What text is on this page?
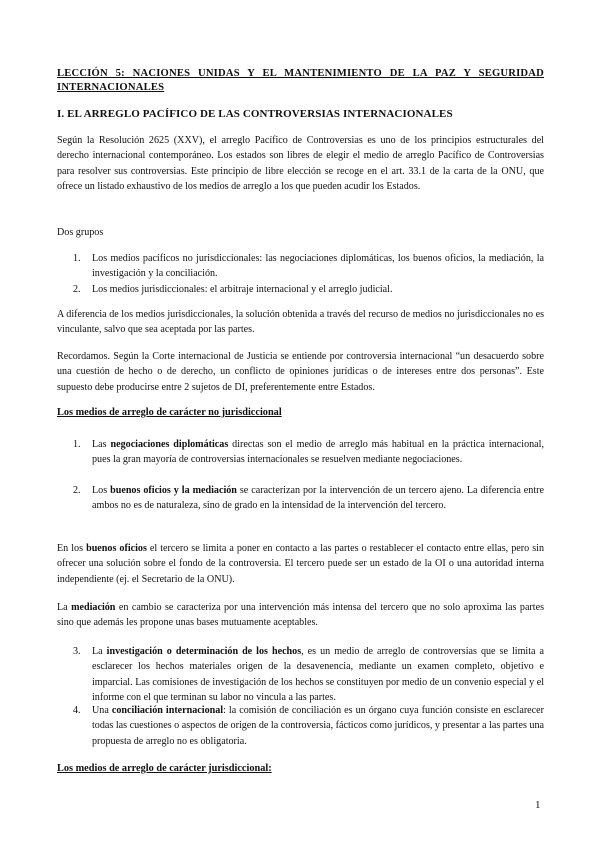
LECCIÓN 5: NACIONES UNIDAS Y EL MANTENIMIENTO DE LA PAZ Y SEGURIDAD INTERNACIONALES
I. EL ARREGLO PACÍFICO DE LAS CONTROVERSIAS INTERNACIONALES
Según la Resolución 2625 (XXV), el arreglo Pacífico de Controversias es uno de los principios estructurales del derecho internacional contemporáneo. Los estados son libres de elegir el medio de arreglo Pacífico de Controversias para resolver sus controversias. Este principio de libre elección se recoge en el art. 33.1 de la carta de la ONU, que ofrece un listado exhaustivo de los medios de arreglo a los que pueden acudir los Estados.
Dos grupos
1. Los medios pacíficos no jurisdiccionales: las negociaciones diplomáticas, los buenos oficios, la mediación, la investigación y la conciliación.
2. Los medios jurisdiccionales: el arbitraje internacional y el arreglo judicial.
A diferencia de los medios jurisdiccionales, la solución obtenida a través del recurso de medios no jurisdiccionales no es vinculante, salvo que sea aceptada por las partes.
Recordamos. Según la Corte internacional de Justicia se entiende por controversia internacional “un desacuerdo sobre una cuestión de hecho o de derecho, un conflicto de opiniones jurídicas o de intereses entre dos personas”. Este supuesto debe producirse entre 2 sujetos de DI, preferentemente entre Estados.
Los medios de arreglo de carácter no jurisdiccional
1. Las negociaciones diplomáticas directas son el medio de arreglo más habitual en la práctica internacional, pues la gran mayoría de controversias internacionales se resuelven mediante negociaciones.
2. Los buenos oficios y la mediación se caracterizan por la intervención de un tercero ajeno. La diferencia entre ambos no es de naturaleza, sino de grado en la intensidad de la intervención del tercero.
En los buenos oficios el tercero se limita a poner en contacto a las partes o restablecer el contacto entre ellas, pero sin ofrecer una solución sobre el fondo de la controversia. El tercero puede ser un estado de la OI o una autoridad interna independiente (ej. el Secretario de la ONU).
La mediación en cambio se caracteriza por una intervención más intensa del tercero que no solo aproxima las partes sino que además les propone unas bases mutuamente aceptables.
3. La investigación o determinación de los hechos, es un medio de arreglo de controversias que se limita a esclarecer los hechos materiales origen de la desavenencia, mediante un examen completo, objetivo e imparcial. Las comisiones de investigación de los hechos se constituyen por medio de un convenio especial y el informe con el que terminan su labor no vincula a las partes.
4. Una conciliación internacional: la comisión de conciliación es un órgano cuya función consiste en esclarecer todas las cuestiones o aspectos de origen de la controversia, fácticos como jurídicos, y presentar a las partes una propuesta de arreglo no es obligatoria.
Los medios de arreglo de carácter jurisdiccional:
1
